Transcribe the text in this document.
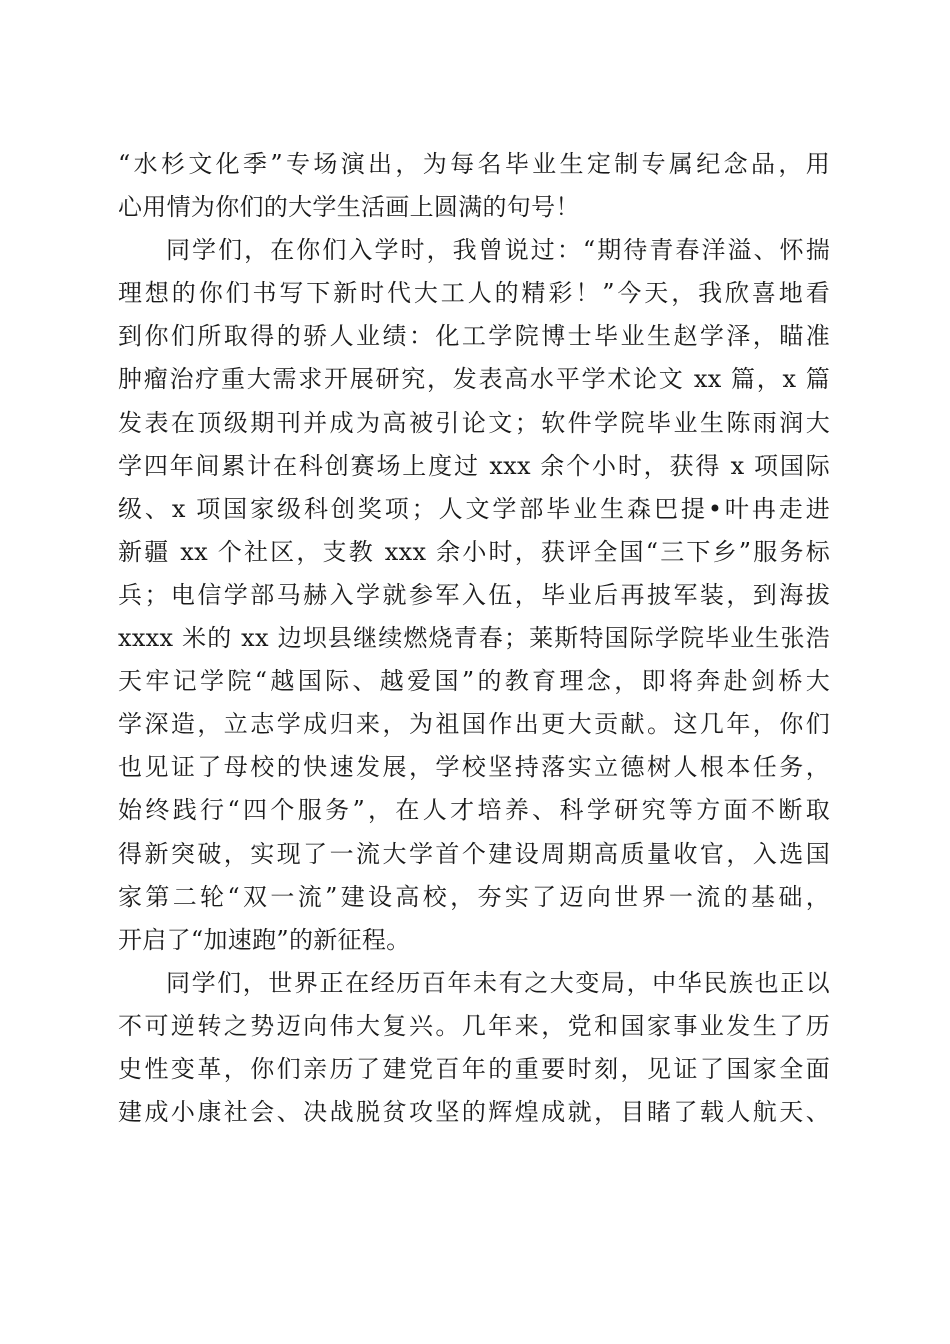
“水杉文化季”专场演出，为每名毕业生定制专属纪念品，用
心用情为你们的大学生活画上圆满的句号！
同学们，在你们入学时，我曾说过：“期待青春洋溢、怀揣
理想的你们书写下新时代大工人的精彩！”今天，我欣喜地看
到你们所取得的骄人业绩：化工学院博士毕业生赵学泽，瞄准
肿瘤治疗重大需求开展研究，发表高水平学术论文 xx 篇，x 篇
发表在顶级期刊并成为高被引论文；软件学院毕业生陈雨润大
学四年间累计在科创赛场上度过 xxx 余个小时，获得 x 项国际
级、x 项国家级科创奖项；人文学部毕业生森巴提•叶冉走进
新疆 xx 个社区，支教 xxx 余小时，获评全国“三下乡”服务标
兵；电信学部马赫入学就参军入伍，毕业后再披军装，到海拔
xxxx 米的 xx 边坝县继续燃烧青春；莱斯特国际学院毕业生张浩
天牢记学院“越国际、越爱国”的教育理念，即将奔赴剑桥大
学深造，立志学成归来，为祖国作出更大贡献。这几年，你们
也见证了母校的快速发展，学校坚持落实立德树人根本任务，
始终践行“四个服务”，在人才培养、科学研究等方面不断取
得新突破，实现了一流大学首个建设周期高质量收官，入选国
家第二轮“双一流”建设高校，夯实了迈向世界一流的基础，
开启了“加速跑”的新征程。
同学们，世界正在经历百年未有之大变局，中华民族也正以
不可逆转之势迈向伟大复兴。几年来，党和国家事业发生了历
史性变革，你们亲历了建党百年的重要时刻，见证了国家全面
建成小康社会、决战脱贫攻坚的辉煌成就，目睹了载人航天、
